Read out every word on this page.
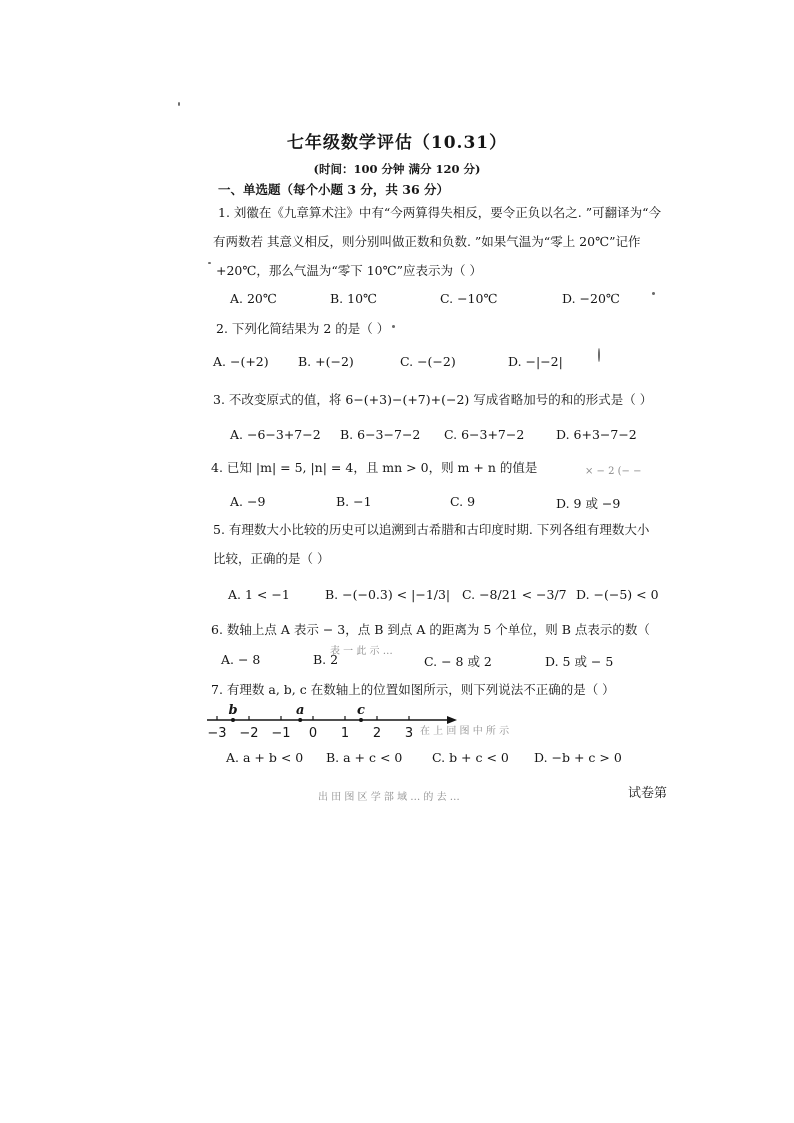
七年级数学评估（10.31）
(时间：100 分钟 满分 120 分)
一、单选题（每个小题 3 分，共 36 分）
1. 刘徽在《九章算术注》中有“今两算得失相反，要令正负以名之. ”可翻译为“今
有两数若 其意义相反，则分别叫做正数和负数. ”如果气温为“零上 20℃”记作
+20℃，那么气温为“零下 10℃”应表示为（ ）
A. 20℃	B. 10℃	C. −10℃	D. −20℃
2. 下列化简结果为 2 的是（ ）
A. −(+2) B. +(−2)	C. −(−2)	D. −|−2|
3. 不改变原式的值，将 6−(+3)−(+7)+(−2) 写成省略加号的和的形式是（ ）
A. −6−3+7−2 B. 6−3−7−2 C. 6−3+7−2	D. 6+3−7−2
4. 已知 |m| = 5, |n| = 4，且 mn > 0，则 m + n 的值是	× − 2 (− −
A. −9	B. −1	C. 9	D. 9 或 −9
5. 有理数大小比较的历史可以追溯到古希腊和古印度时期. 下列各组有理数大小
比较，正确的是（ ）
A. 1 < −1	B. −(−0.3) < |−1/3| C. −8/21 < −3/7 D. −(−5) < 0
6. 数轴上点 A 表示 − 3，点 B 到点 A 的距离为 5 个单位，则 B 点表示的数（
表 一 此 示 …
A. − 8	B. 2	C. − 8 或 2	D. 5 或 − 5
7. 有理数 a, b, c 在数轴上的位置如图所示，则下列说法不正确的是（ ）
−3 −2 −1 0 1 2 3
b	a	c
在 上 回 图 中 所 示
A. a + b < 0 B. a + c < 0 C. b + c < 0 D. −b + c > 0
出 田 图 区 学 部 域 … 的 去 …	试卷第
